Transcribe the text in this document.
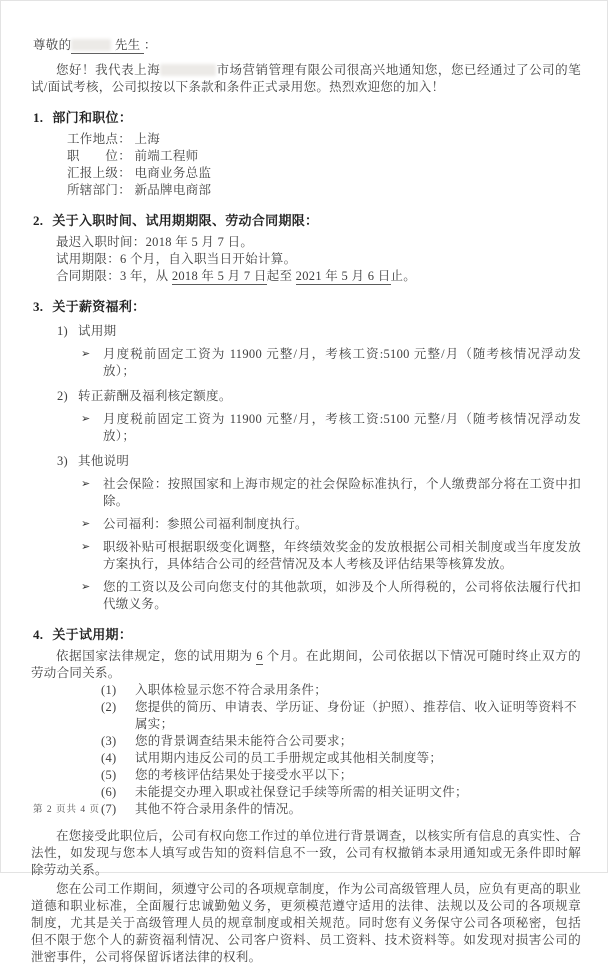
尊敬的	先生 ：

您好！我代表上海	市场营销管理有限公司很高兴地通知您，您已经通过了公司的笔试/面试考核，公司拟按以下条款和条件正式录用您。热烈欢迎您的加入！

1. 部门和职位：
工作地点： 上海
职　　位： 前端工程师
汇报上级： 电商业务总监
所辖部门： 新品牌电商部
2. 关于入职时间、试用期期限、劳动合同期限：
最迟入职时间：2018 年 5 月 7 日。
试用期限：6 个月，自入职当日开始计算。
合同期限：3 年，从 2018 年 5 月 7 日起至 2021 年 5 月 6 日止。
3. 关于薪资福利：
1) 试用期
➢ 月度税前固定工资为 11900 元整/月，考核工资:5100 元整/月（随考核情况浮动发放）；
2) 转正薪酬及福利核定额度。
➢ 月度税前固定工资为 11900 元整/月，考核工资:5100 元整/月（随考核情况浮动发放）；
3) 其他说明
➢ 社会保险：按照国家和上海市规定的社会保险标准执行，个人缴费部分将在工资中扣除。
➢ 公司福利：参照公司福利制度执行。
➢ 职级补贴可根据职级变化调整，年终绩效奖金的发放根据公司相关制度或当年度发放方案执行，具体结合公司的经营情况及本人考核及评估结果等核算发放。
➢ 您的工资以及公司向您支付的其他款项，如涉及个人所得税的，公司将依法履行代扣代缴义务。
4. 关于试用期：

依据国家法律规定，您的试用期为 6 个月。在此期间，公司依据以下情况可随时终止双方的劳动合同关系。

(1)	入职体检显示您不符合录用条件；
(2)	您提供的简历、申请表、学历证、身份证（护照）、推荐信、收入证明等资料不属实；
(3)	您的背景调查结果未能符合公司要求；
(4)	试用期内违反公司的员工手册规定或其他相关制度等；
(5)	您的考核评估结果处于接受水平以下；
(6)	未能提交办理入职或社保登记手续等所需的相关证明文件；
(7)	其他不符合录用条件的情况。

在您接受此职位后，公司有权向您工作过的单位进行背景调查，以核实所有信息的真实性、合法性，如发现与您本人填写或告知的资料信息不一致，公司有权撤销本录用通知或无条件即时解除劳动关系。

您在公司工作期间，须遵守公司的各项规章制度，作为公司高级管理人员，应负有更高的职业道德和职业标准，全面履行忠诚勤勉义务，更须模范遵守适用的法律、法规以及公司的各项规章制度，尤其是关于高级管理人员的规章制度或相关规范。同时您有义务保守公司各项秘密，包括但不限于您个人的薪资福利情况、公司客户资料、员工资料、技术资料等。如发现对损害公司的泄密事件，公司将保留诉诸法律的权利。

第 2 页共 4 页
